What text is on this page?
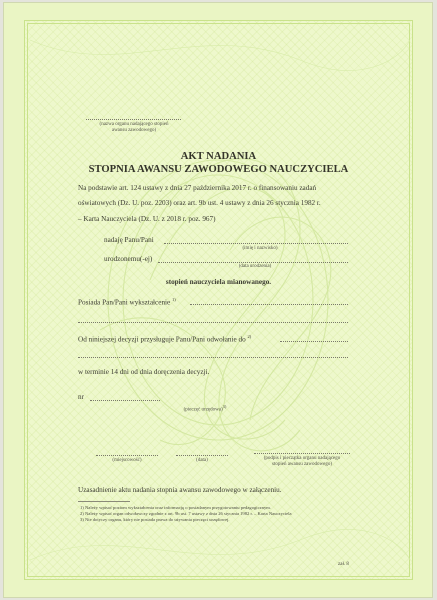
(nazwa organu nadającego stopień
awansu zawodowego)
AKT NADANIA
STOPNIA AWANSU ZAWODOWEGO NAUCZYCIELA
Na podstawie art. 124 ustawy z dnia 27 października 2017 r. o finansowaniu zadań
oświatowych (Dz. U. poz. 2203) oraz art. 9b ust. 4 ustawy z dnia 26 stycznia 1982 r.
– Karta Nauczyciela (Dz. U. z 2018 r. poz. 967)
nadaję Panu/Pani
(imię i nazwisko)
urodzonemu(-ej)
(data urodzenia)
stopień nauczyciela mianowanego.
Posiada Pan/Pani wykształcenie $^{1)}$
Od niniejszej decyzji przysługuje Panu/Pani odwołanie do $^{2)}$
w terminie 14 dni od dnia doręczenia decyzji.
nr
(pieczęć urzędowa)$^{3)}$
(miejscowość)	(data)	(podpis i pieczątka organu nadającego
stopień awansu zawodowego)
Uzasadnienie aktu nadania stopnia awansu zawodowego w załączeniu.
1) Należy wpisać poziom wykształcenia oraz informację o posiadanym przygotowaniu pedagogicznym.
2) Należy wpisać organ odwoławczy zgodnie z art. 9b ust. 7 ustawy z dnia 26 stycznia 1982 r. – Karta Nauczyciela
3) Nie dotyczy organu, który nie posiada prawa do używania pieczęci urzędowej.
zał. 8
